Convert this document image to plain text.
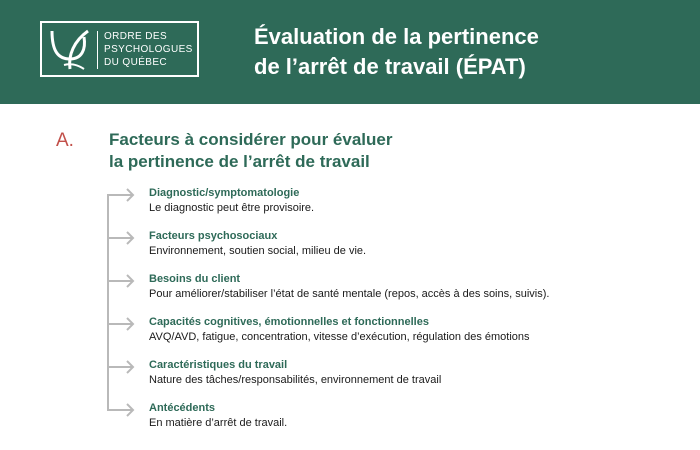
ORDRE DES
PSYCHOLOGUES
DU QUÉBEC
Évaluation de la pertinence
de l’arrêt de travail (ÉPAT)
A. Facteurs à considérer pour évaluer
la pertinence de l’arrêt de travail
Diagnostic/symptomatologie
Le diagnostic peut être provisoire.
Facteurs psychosociaux
Environnement, soutien social, milieu de vie.
Besoins du client
Pour améliorer/stabiliser l’état de santé mentale (repos, accès à des soins, suivis).
Capacités cognitives, émotionnelles et fonctionnelles
AVQ/AVD, fatigue, concentration, vitesse d’exécution, régulation des émotions
Caractéristiques du travail
Nature des tâches/responsabilités, environnement de travail
Antécédents
En matière d’arrêt de travail.
